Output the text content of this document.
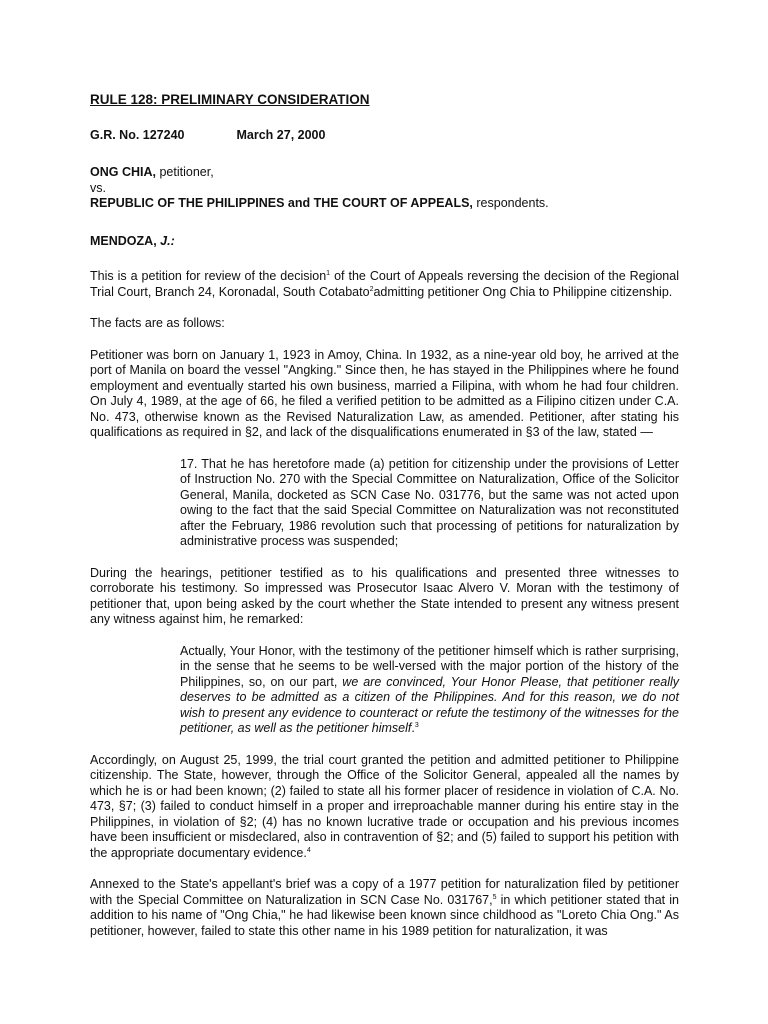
RULE 128: PRELIMINARY CONSIDERATION
G.R. No. 127240	March 27, 2000
ONG CHIA, petitioner,
vs.
REPUBLIC OF THE PHILIPPINES and THE COURT OF APPEALS, respondents.
MENDOZA, J.:

This is a petition for review of the decision$^1$ of the Court of Appeals reversing the decision of the Regional Trial Court, Branch 24, Koronadal, South Cotabato$^2$admitting petitioner Ong Chia to Philippine citizenship.

The facts are as follows:

Petitioner was born on January 1, 1923 in Amoy, China. In 1932, as a nine-year old boy, he arrived at the port of Manila on board the vessel "Angking." Since then, he has stayed in the Philippines where he found employment and eventually started his own business, married a Filipina, with whom he had four children. On July 4, 1989, at the age of 66, he filed a verified petition to be admitted as a Filipino citizen under C.A. No. 473, otherwise known as the Revised Naturalization Law, as amended. Petitioner, after stating his qualifications as required in §2, and lack of the disqualifications enumerated in §3 of the law, stated —

17. That he has heretofore made (a) petition for citizenship under the provisions of Letter of Instruction No. 270 with the Special Committee on Naturalization, Office of the Solicitor General, Manila, docketed as SCN Case No. 031776, but the same was not acted upon owing to the fact that the said Special Committee on Naturalization was not reconstituted after the February, 1986 revolution such that processing of petitions for naturalization by administrative process was suspended;

During the hearings, petitioner testified as to his qualifications and presented three witnesses to corroborate his testimony. So impressed was Prosecutor Isaac Alvero V. Moran with the testimony of petitioner that, upon being asked by the court whether the State intended to present any witness present any witness against him, he remarked:

Actually, Your Honor, with the testimony of the petitioner himself which is rather surprising, in the sense that he seems to be well-versed with the major portion of the history of the Philippines, so, on our part, we are convinced, Your Honor Please, that petitioner really deserves to be admitted as a citizen of the Philippines. And for this reason, we do not wish to present any evidence to counteract or refute the testimony of the witnesses for the petitioner, as well as the petitioner himself.$^3$

Accordingly, on August 25, 1999, the trial court granted the petition and admitted petitioner to Philippine citizenship. The State, however, through the Office of the Solicitor General, appealed all the names by which he is or had been known; (2) failed to state all his former placer of residence in violation of C.A. No. 473, §7; (3) failed to conduct himself in a proper and irreproachable manner during his entire stay in the Philippines, in violation of §2; (4) has no known lucrative trade or occupation and his previous incomes have been insufficient or misdeclared, also in contravention of §2; and (5) failed to support his petition with the appropriate documentary evidence.$^4$

Annexed to the State's appellant's brief was a copy of a 1977 petition for naturalization filed by petitioner with the Special Committee on Naturalization in SCN Case No. 031767,$^5$ in which petitioner stated that in addition to his name of "Ong Chia," he had likewise been known since childhood as "Loreto Chia Ong." As petitioner, however, failed to state this other name in his 1989 petition for naturalization, it was
